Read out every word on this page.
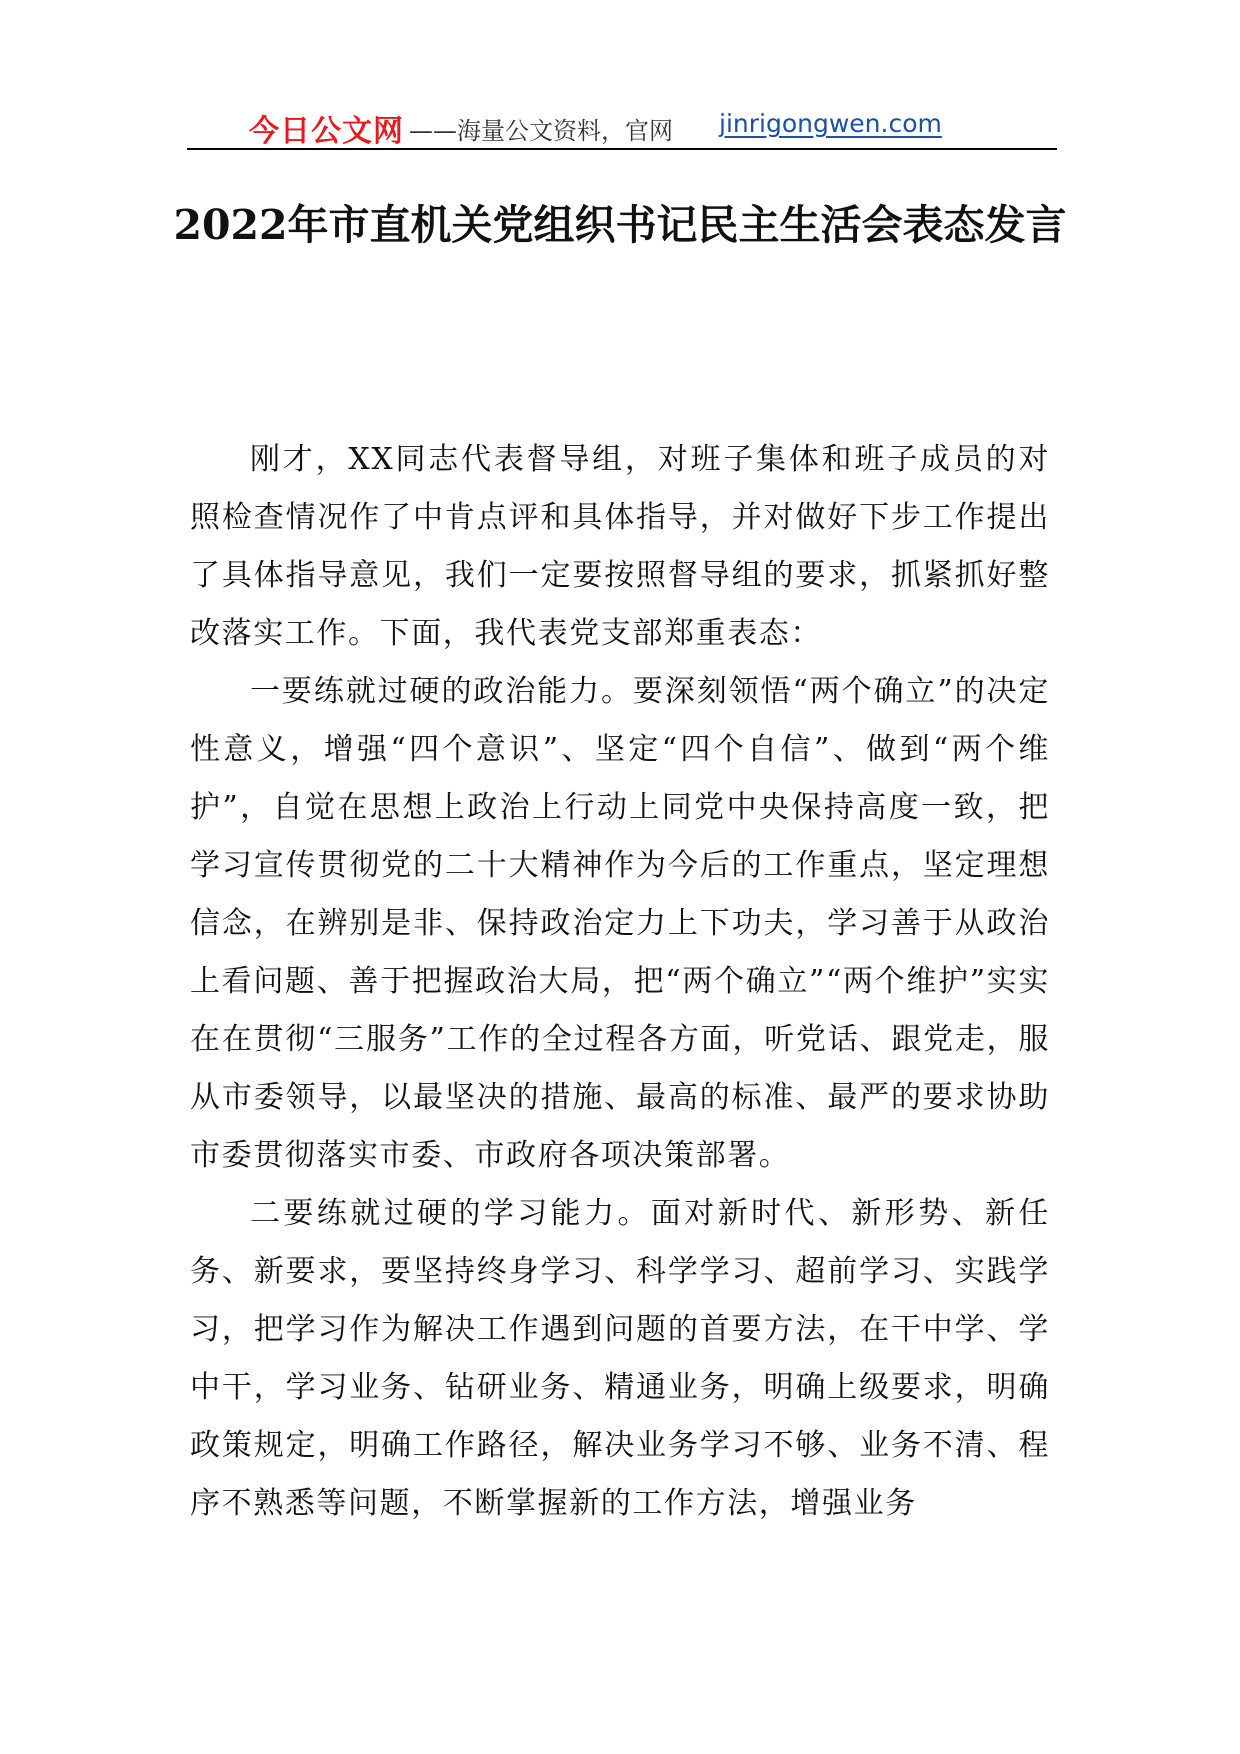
今日公文网 ——海量公文资料，官网 jinrigongwen.com
2022年市直机关党组织书记民主生活会表态发言

刚才，XX同志代表督导组，对班子集体和班子成员的对照检查情况作了中肯点评和具体指导，并对做好下步工作提出了具体指导意见，我们一定要按照督导组的要求，抓紧抓好整改落实工作。下面，我代表党支部郑重表态：

一要练就过硬的政治能力。要深刻领悟“两个确立”的决定性意义，增强“四个意识”、坚定“四个自信”、做到“两个维护”，自觉在思想上政治上行动上同党中央保持高度一致，把学习宣传贯彻党的二十大精神作为今后的工作重点，坚定理想信念，在辨别是非、保持政治定力上下功夫，学习善于从政治上看问题、善于把握政治大局，把“两个确立”“两个维护”实实在在贯彻“三服务”工作的全过程各方面，听党话、跟党走，服从市委领导，以最坚决的措施、最高的标准、最严的要求协助市委贯彻落实市委、市政府各项决策部署。

二要练就过硬的学习能力。面对新时代、新形势、新任务、新要求，要坚持终身学习、科学学习、超前学习、实践学习，把学习作为解决工作遇到问题的首要方法，在干中学、学中干，学习业务、钻研业务、精通业务，明确上级要求，明确政策规定，明确工作路径，解决业务学习不够、业务不清、程序不熟悉等问题，不断掌握新的工作方法，增强业务
